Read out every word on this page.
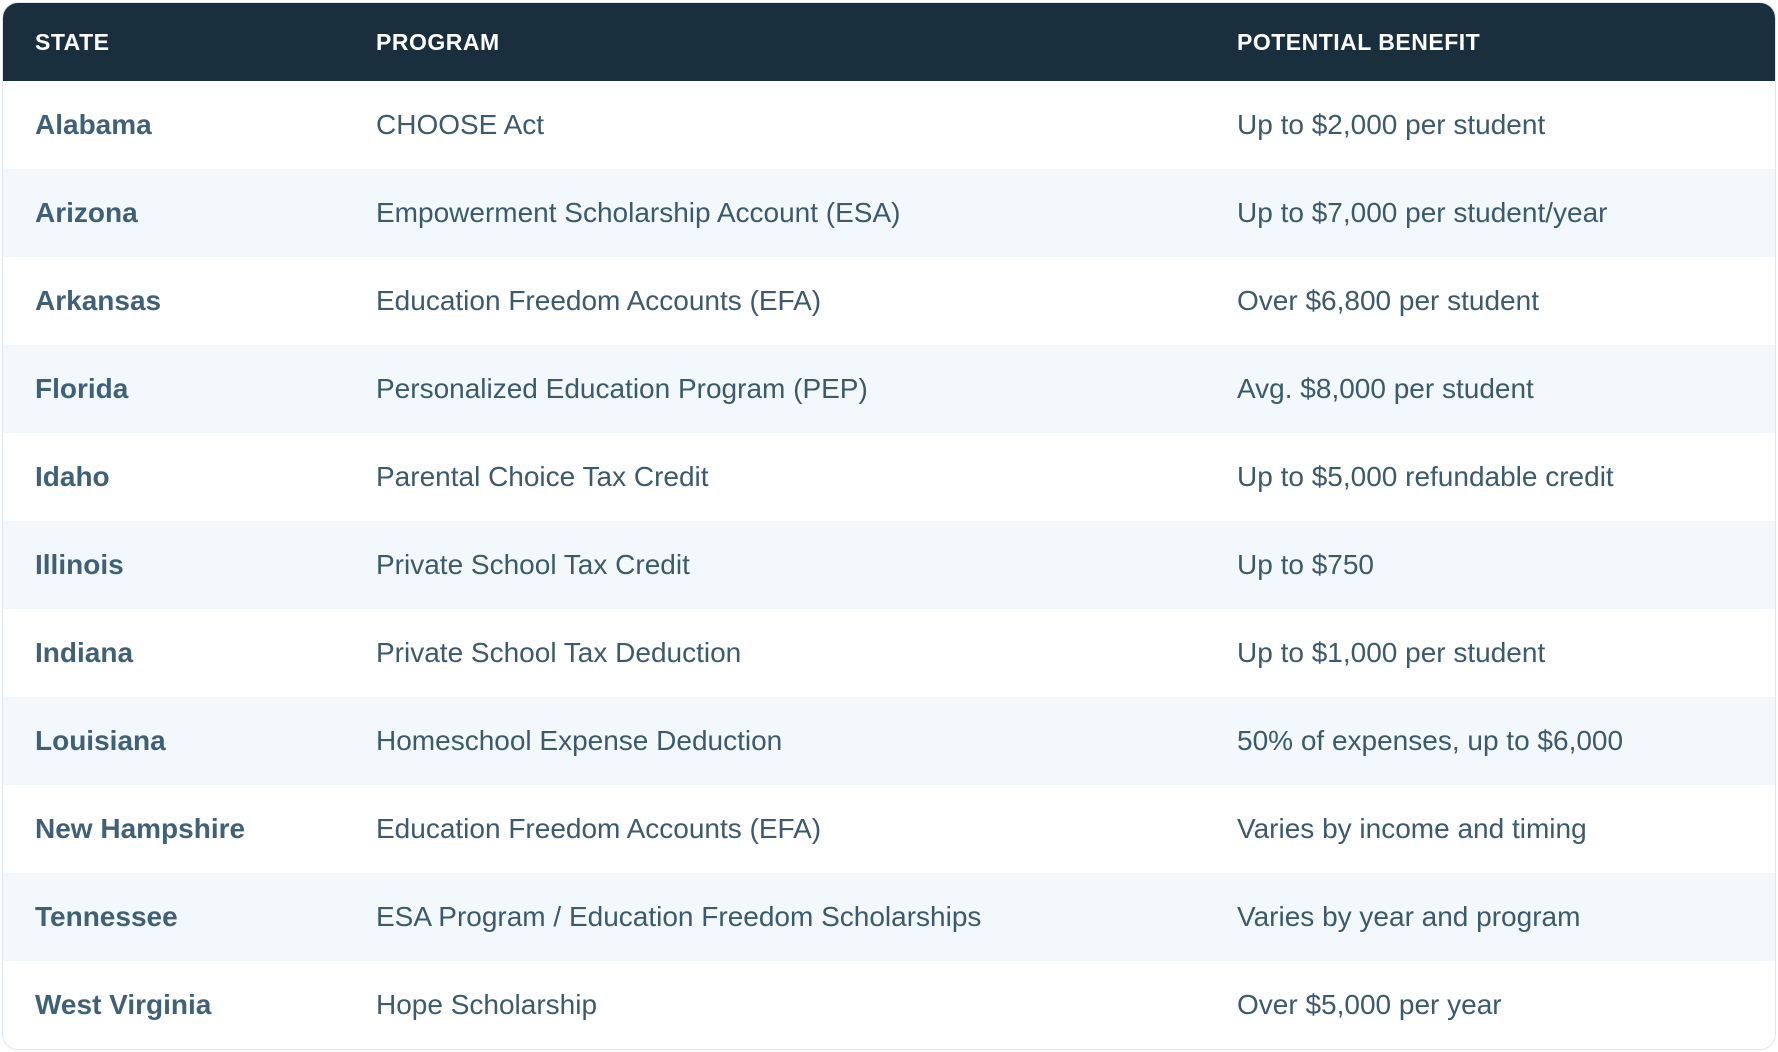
STATE	PROGRAM	POTENTIAL BENEFIT
Alabama	CHOOSE Act	Up to $2,000 per student
Arizona	Empowerment Scholarship Account (ESA)	Up to $7,000 per student/year
Arkansas	Education Freedom Accounts (EFA)	Over $6,800 per student
Florida	Personalized Education Program (PEP)	Avg. $8,000 per student
Idaho	Parental Choice Tax Credit	Up to $5,000 refundable credit
Illinois	Private School Tax Credit	Up to $750
Indiana	Private School Tax Deduction	Up to $1,000 per student
Louisiana	Homeschool Expense Deduction	50% of expenses, up to $6,000
New Hampshire	Education Freedom Accounts (EFA)	Varies by income and timing
Tennessee	ESA Program / Education Freedom Scholarships	Varies by year and program
West Virginia	Hope Scholarship	Over $5,000 per year
